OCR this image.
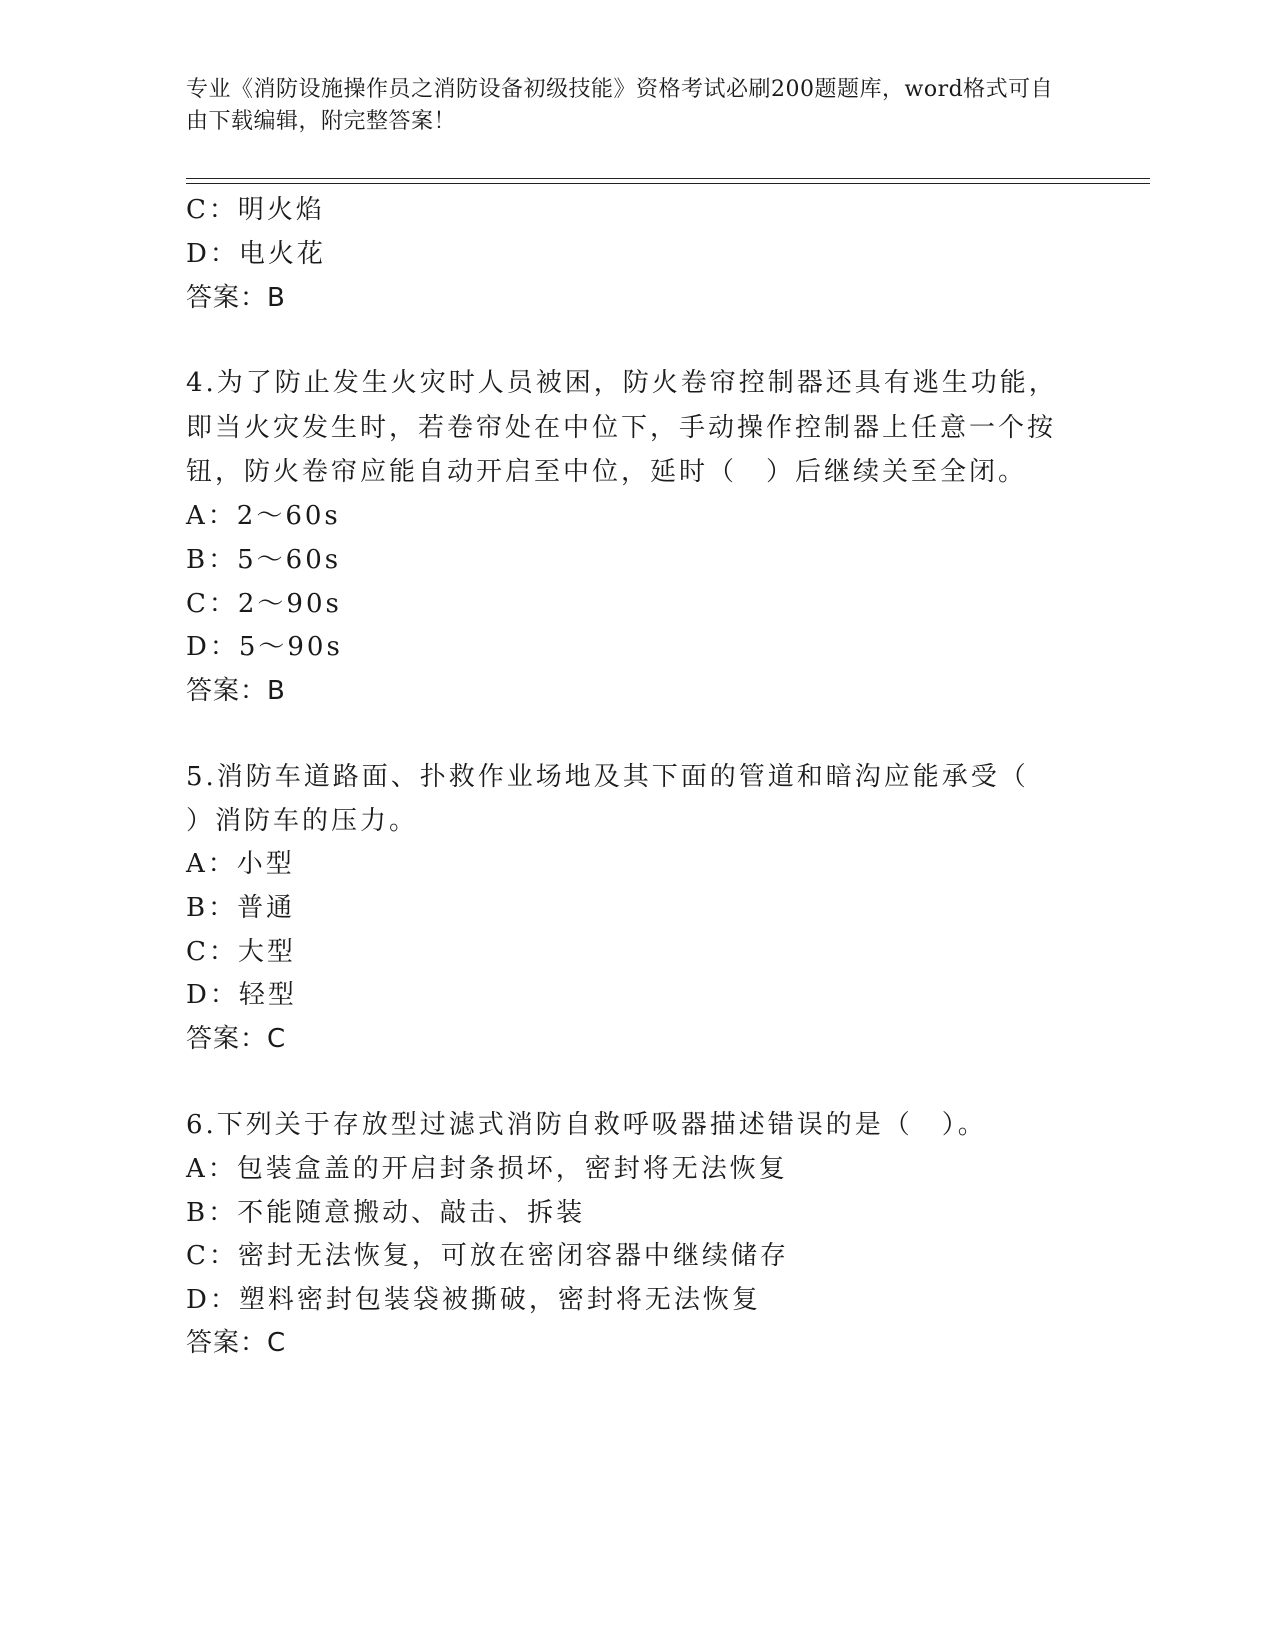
专业《消防设施操作员之消防设备初级技能》资格考试必刷200题题库，word格式可自由下载编辑，附完整答案！
C：明火焰
D：电火花
答案：B
4.为了防止发生火灾时人员被困，防火卷帘控制器还具有逃生功能，
即当火灾发生时，若卷帘处在中位下，手动操作控制器上任意一个按
钮，防火卷帘应能自动开启至中位，延时（　）后继续关至全闭。
A：2～60s
B：5～60s
C：2～90s
D：5～90s
答案：B
5.消防车道路面、扑救作业场地及其下面的管道和暗沟应能承受（
）消防车的压力。
A：小型
B：普通
C：大型
D：轻型
答案：C
6.下列关于存放型过滤式消防自救呼吸器描述错误的是（　）。
A：包装盒盖的开启封条损坏，密封将无法恢复
B：不能随意搬动、敲击、拆装
C：密封无法恢复，可放在密闭容器中继续储存
D：塑料密封包装袋被撕破，密封将无法恢复
答案：C
